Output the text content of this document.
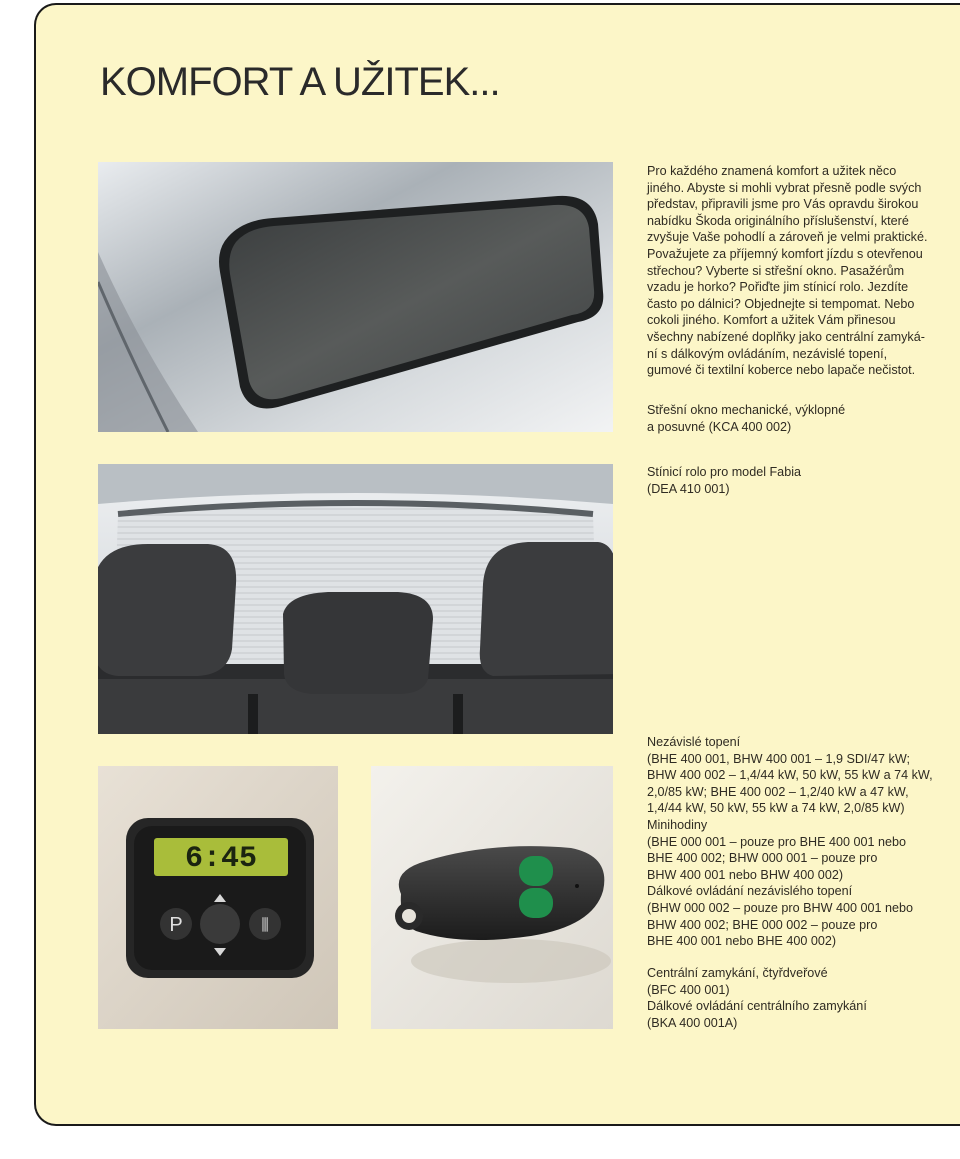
KOMFORT A UŽITEK...
6:45
P	⫼
Pro každého znamená komfort a užitek něco
jiného. Abyste si mohli vybrat přesně podle svých
představ, připravili jsme pro Vás opravdu širokou
nabídku Škoda originálního příslušenství, které
zvyšuje Vaše pohodlí a zároveň je velmi praktické.
Považujete za příjemný komfort jízdu s otevřenou
střechou? Vyberte si střešní okno. Pasažérům
vzadu je horko? Pořiďte jim stínicí rolo. Jezdíte
často po dálnici? Objednejte si tempomat. Nebo
cokoli jiného. Komfort a užitek Vám přinesou
všechny nabízené doplňky jako centrální zamyká-
ní s dálkovým ovládáním, nezávislé topení,
gumové či textilní koberce nebo lapače nečistot.
Střešní okno mechanické, výklopné
a posuvné (KCA 400 002)
Stínicí rolo pro model Fabia
(DEA 410 001)
Nezávislé topení
(BHE 400 001, BHW 400 001 – 1,9 SDI/47 kW;
BHW 400 002 – 1,4/44 kW, 50 kW, 55 kW a 74 kW,
2,0/85 kW; BHE 400 002 – 1,2/40 kW a 47 kW,
1,4/44 kW, 50 kW, 55 kW a 74 kW, 2,0/85 kW)
Minihodiny
(BHE 000 001 – pouze pro BHE 400 001 nebo
BHE 400 002; BHW 000 001 – pouze pro
BHW 400 001 nebo BHW 400 002)
Dálkové ovládání nezávislého topení
(BHW 000 002 – pouze pro BHW 400 001 nebo
BHW 400 002; BHE 000 002 – pouze pro
BHE 400 001 nebo BHE 400 002)
Centrální zamykání, čtyřdveřové
(BFC 400 001)
Dálkové ovládání centrálního zamykání
(BKA 400 001A)
